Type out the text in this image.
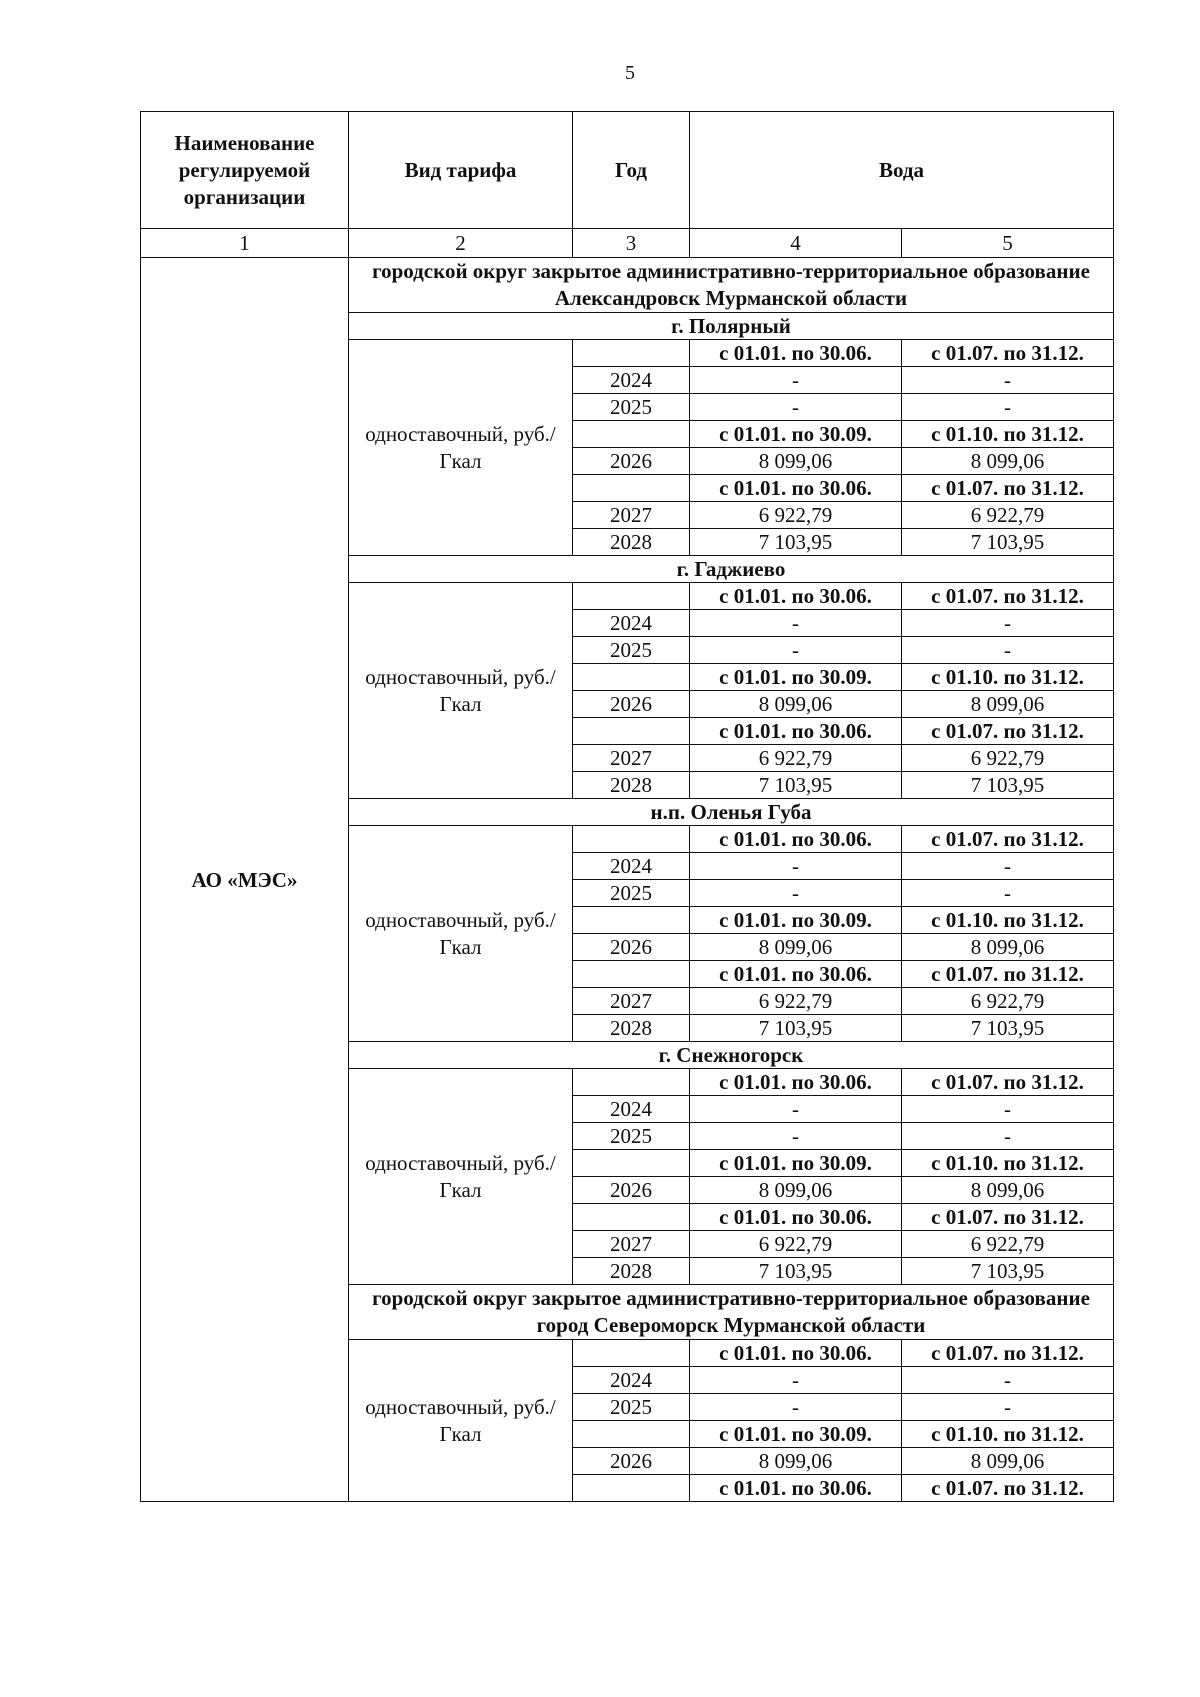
5
Наименование регулируемой организации	Вид тарифа	Год	Вода	
1	2	3	4	5
АО «МЭС»	городской округ закрытое административно-территориальное образование Александровск Мурманской области			

	г. Полярный			
	одноставочный, руб./Гкал		с 01.01. по 30.06.	с 01.07. по 31.12.
		2024	-	-
		2025	-	-
			с 01.01. по 30.09.	с 01.10. по 31.12.
		2026	8 099,06	8 099,06
			с 01.01. по 30.06.	с 01.07. по 31.12.
		2027	6 922,79	6 922,79
		2028	7 103,95	7 103,95
	г. Гаджиево			
	одноставочный, руб./Гкал		с 01.01. по 30.06.	с 01.07. по 31.12.
		2024	-	-
		2025	-	-
			с 01.01. по 30.09.	с 01.10. по 31.12.
		2026	8 099,06	8 099,06
			с 01.01. по 30.06.	с 01.07. по 31.12.
		2027	6 922,79	6 922,79
		2028	7 103,95	7 103,95
	н.п. Оленья Губа			
	одноставочный, руб./Гкал		с 01.01. по 30.06.	с 01.07. по 31.12.
		2024	-	-
		2025	-	-
			с 01.01. по 30.09.	с 01.10. по 31.12.
		2026	8 099,06	8 099,06
			с 01.01. по 30.06.	с 01.07. по 31.12.
		2027	6 922,79	6 922,79
		2028	7 103,95	7 103,95
	г. Снежногорск			
	одноставочный, руб./Гкал		с 01.01. по 30.06.	с 01.07. по 31.12.
		2024	-	-
		2025	-	-
			с 01.01. по 30.09.	с 01.10. по 31.12.
		2026	8 099,06	8 099,06
			с 01.01. по 30.06.	с 01.07. по 31.12.
		2027	6 922,79	6 922,79
		2028	7 103,95	7 103,95
	городской округ закрытое административно-территориальное образование город Североморск Мурманской области			

	одноставочный, руб./Гкал		с 01.01. по 30.06.	с 01.07. по 31.12.
		2024	-	-
		2025	-	-
			с 01.01. по 30.09.	с 01.10. по 31.12.
		2026	8 099,06	8 099,06
			с 01.01. по 30.06.	с 01.07. по 31.12.
